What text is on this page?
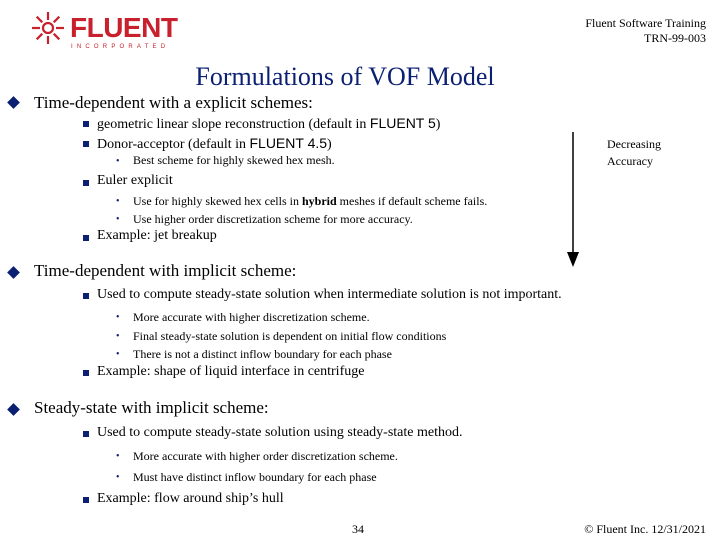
FLUENT
INCORPORATED
Fluent Software Training
TRN-99-003
Formulations of VOF Model
Time-dependent with a explicit schemes:
geometric linear slope reconstruction (default in FLUENT 5)
Donor-acceptor (default in FLUENT 4.5)
• Best scheme for highly skewed hex mesh.
Euler explicit
• Use for highly skewed hex cells in hybrid meshes if default scheme fails.
• Use higher order discretization scheme for more accuracy.
Example: jet breakup
Time-dependent with implicit scheme:
Used to compute steady-state solution when intermediate solution is not important.
• More accurate with higher discretization scheme.
• Final steady-state solution is dependent on initial flow conditions
• There is not a distinct inflow boundary for each phase
Example: shape of liquid interface in centrifuge
Steady-state with implicit scheme:
Used to compute steady-state solution using steady-state method.
• More accurate with higher order discretization scheme.
• Must have distinct inflow boundary for each phase
Example: flow around ship’s hull
Decreasing
Accuracy
34	© Fluent Inc. 12/31/2021
